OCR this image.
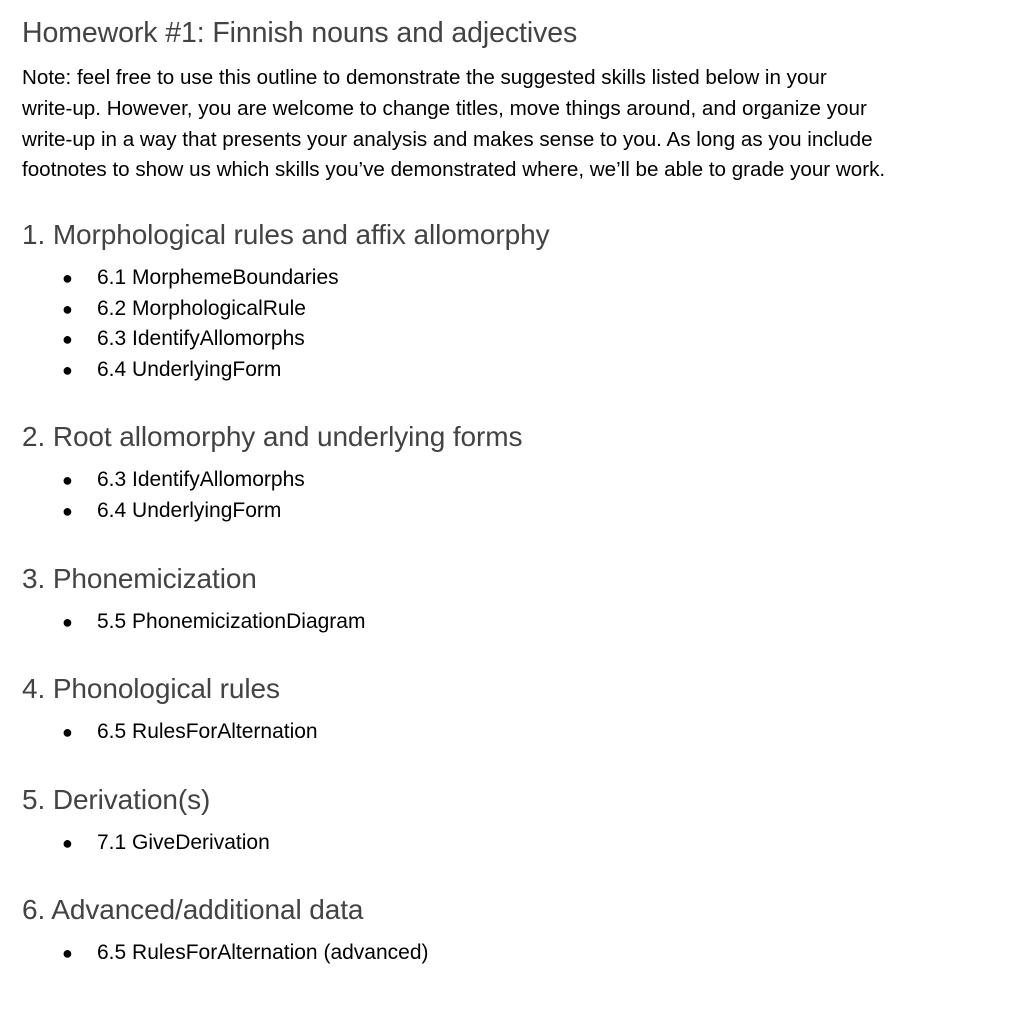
Homework #1: Finnish nouns and adjectives
Note: feel free to use this outline to demonstrate the suggested skills listed below in your
write-up. However, you are welcome to change titles, move things around, and organize your
write-up in a way that presents your analysis and makes sense to you. As long as you include
footnotes to show us which skills you’ve demonstrated where, we’ll be able to grade your work.
1. Morphological rules and affix allomorphy
● 6.1 MorphemeBoundaries
● 6.2 MorphologicalRule
● 6.3 IdentifyAllomorphs
● 6.4 UnderlyingForm
2. Root allomorphy and underlying forms
● 6.3 IdentifyAllomorphs
● 6.4 UnderlyingForm
3. Phonemicization
● 5.5 PhonemicizationDiagram
4. Phonological rules
● 6.5 RulesForAlternation
5. Derivation(s)
● 7.1 GiveDerivation
6. Advanced/additional data
● 6.5 RulesForAlternation (advanced)
